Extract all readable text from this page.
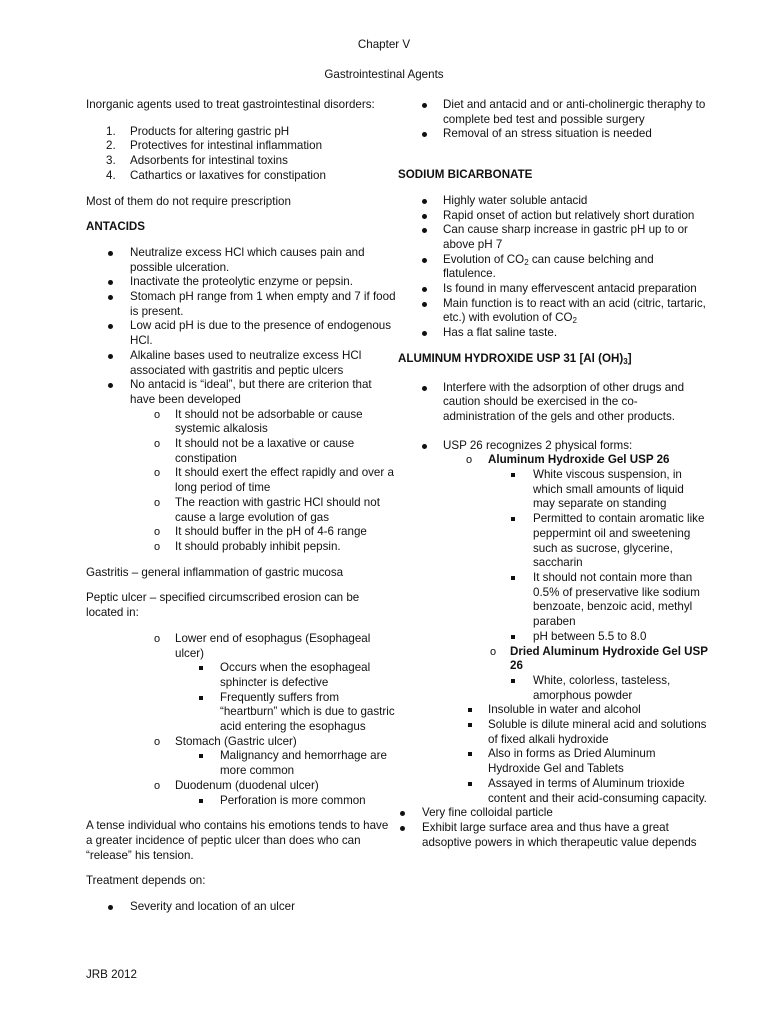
Chapter V
Gastrointestinal Agents

Inorganic agents used to treat gastrointestinal disorders:

1. Products for altering gastric pH
2. Protectives for intestinal inflammation
3. Adsorbents for intestinal toxins
4. Cathartics or laxatives for constipation

Most of them do not require prescription

ANTACIDS

Neutralize excess HCl which causes pain and possible ulceration.
Inactivate the proteolytic enzyme or pepsin.
Stomach pH range from 1 when empty and 7 if food is present.
Low acid pH is due to the presence of endogenous HCl.
Alkaline bases used to neutralize excess HCl associated with gastritis and peptic ulcers
No antacid is “ideal”, but there are criterion that have been developed
o It should not be adsorbable or cause systemic alkalosis
o It should not be a laxative or cause constipation
o It should exert the effect rapidly and over a long period of time
o The reaction with gastric HCl should not cause a large evolution of gas
o It should buffer in the pH of 4-6 range
o It should probably inhibit pepsin.

Gastritis – general inflammation of gastric mucosa

Peptic ulcer – specified circumscribed erosion can be located in:

o Lower end of esophagus (Esophageal ulcer)
Occurs when the esophageal sphincter is defective
Frequently suffers from “heartburn” which is due to gastric acid entering the esophagus
o Stomach (Gastric ulcer)
Malignancy and hemorrhage are more common
o Duodenum (duodenal ulcer)
Perforation is more common

A tense individual who contains his emotions tends to have a greater incidence of peptic ulcer than does who can “release” his tension.

Treatment depends on:

Severity and location of an ulcer
Diet and antacid and or anti-cholinergic theraphy to complete bed test and possible surgery
Removal of an stress situation is needed

SODIUM BICARBONATE

Highly water soluble antacid
Rapid onset of action but relatively short duration
Can cause sharp increase in gastric pH up to or above pH 7
Evolution of $CO_2$ can cause belching and flatulence.
Is found in many effervescent antacid preparation
Main function is to react with an acid (citric, tartaric, etc.) with evolution of $CO_2$
Has a flat saline taste.

ALUMINUM HYDROXIDE USP 31 [Al $(OH)_3$]

Interfere with the adsorption of other drugs and caution should be exercised in the co-administration of the gels and other products.
USP 26 recognizes 2 physical forms:
o Aluminum Hydroxide Gel USP 26
White viscous suspension, in which small amounts of liquid may separate on standing
Permitted to contain aromatic like peppermint oil and sweetening such as sucrose, glycerine, saccharin
It should not contain more than 0.5% of preservative like sodium benzoate, benzoic acid, methyl paraben
pH between 5.5 to 8.0
o Dried Aluminum Hydroxide Gel USP 26
White, colorless, tasteless, amorphous powder
Insoluble in water and alcohol
Soluble is dilute mineral acid and solutions of fixed alkali hydroxide
Also in forms as Dried Aluminum Hydroxide Gel and Tablets
Assayed in terms of Aluminum trioxide content and their acid-consuming capacity.
Very fine colloidal particle
Exhibit large surface area and thus have a great adsoptive powers in which therapeutic value depends
JRB 2012
